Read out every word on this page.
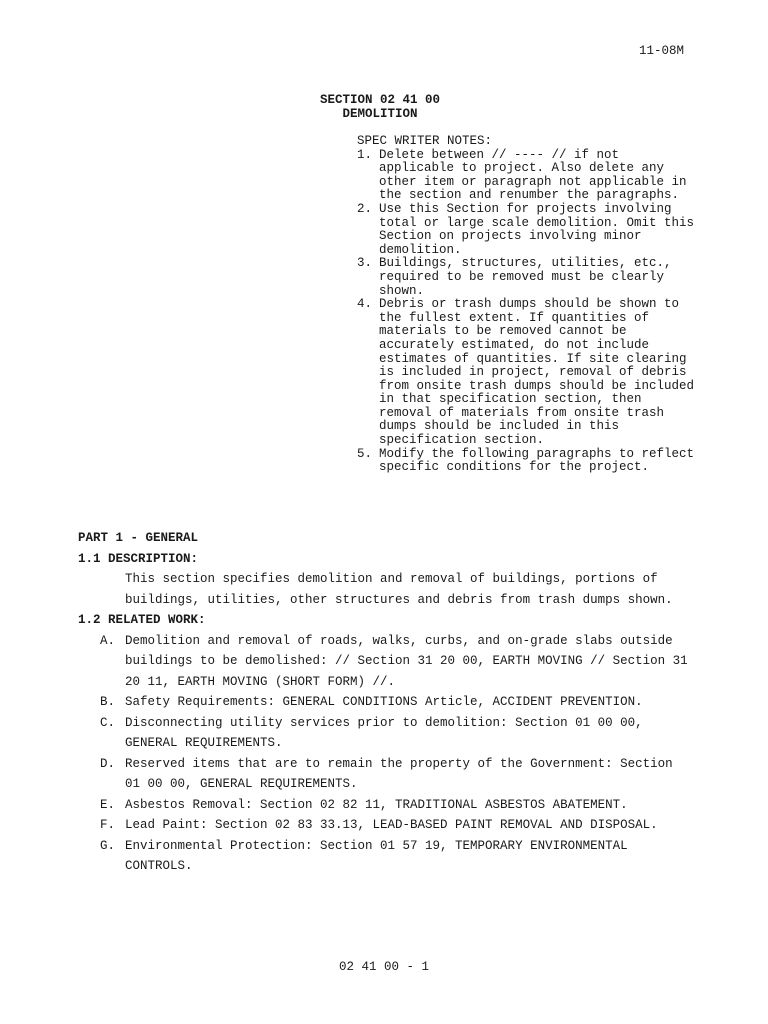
11-08M
SECTION 02 41 00
DEMOLITION
SPEC WRITER NOTES:
1. Delete between // ---- // if not applicable to project. Also delete any other item or paragraph not applicable in the section and renumber the paragraphs.
2. Use this Section for projects involving total or large scale demolition. Omit this Section on projects involving minor demolition.
3. Buildings, structures, utilities, etc., required to be removed must be clearly shown.
4. Debris or trash dumps should be shown to the fullest extent. If quantities of materials to be removed cannot be accurately estimated, do not include estimates of quantities. If site clearing is included in project, removal of debris from onsite trash dumps should be included in that specification section, then removal of materials from onsite trash dumps should be included in this specification section.
5. Modify the following paragraphs to reflect specific conditions for the project.
PART 1 - GENERAL
1.1 DESCRIPTION:
This section specifies demolition and removal of buildings, portions of buildings, utilities, other structures and debris from trash dumps shown.
1.2 RELATED WORK:
A. Demolition and removal of roads, walks, curbs, and on-grade slabs outside buildings to be demolished: // Section 31 20 00, EARTH MOVING // Section 31 20 11, EARTH MOVING (SHORT FORM) //.
B. Safety Requirements: GENERAL CONDITIONS Article, ACCIDENT PREVENTION.
C. Disconnecting utility services prior to demolition: Section 01 00 00, GENERAL REQUIREMENTS.
D. Reserved items that are to remain the property of the Government: Section 01 00 00, GENERAL REQUIREMENTS.
E. Asbestos Removal: Section 02 82 11, TRADITIONAL ASBESTOS ABATEMENT.
F. Lead Paint: Section 02 83 33.13, LEAD-BASED PAINT REMOVAL AND DISPOSAL.
G. Environmental Protection: Section 01 57 19, TEMPORARY ENVIRONMENTAL CONTROLS.
02 41 00 - 1
